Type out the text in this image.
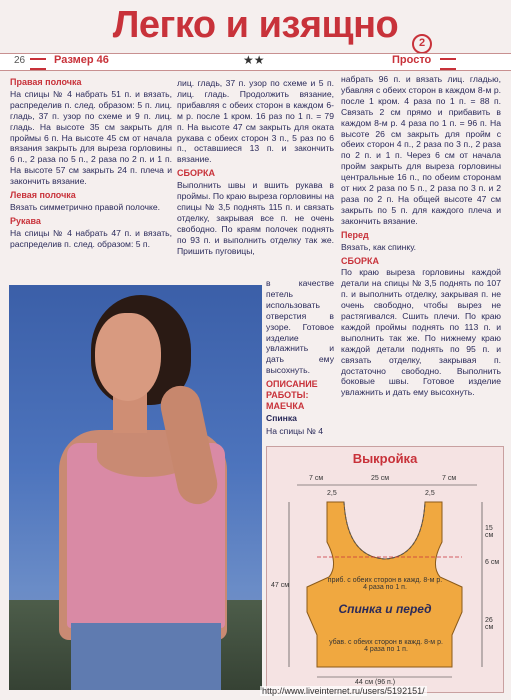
Легко и изящно	2
26	Размер 46	★★	Просто
Правая полочка

На спицы № 4 набрать 51 п. и вязать, распределив п. след. образом: 5 п. лиц. гладь, 37 п. узор по схеме и 9 п. лиц. гладь. На высоте 35 см закрыть для проймы 6 п. На высоте 45 см от начала вязания закрыть для выреза горловины 6 п., 2 раза по 5 п., 2 раза по 2 п. и 1 п. На высоте 57 см закрыть 24 п. плеча и закончить вязание.

Левая полочка

Вязать симметрично правой полочке.

Рукава

На спицы № 4 набрать 47 п. и вязать, распределив п. след. образом: 5 п.

лиц. гладь, 37 п. узор по схеме и 5 п. лиц. гладь. Продолжить вязание, прибавляя с обеих сторон в каждом 6-м р. после 1 кром. 16 раз по 1 п. = 79 п. На высоте 47 см закрыть для оката рукава с обеих сторон 3 п., 5 раз по 6 п., оставшиеся 13 п. и закончить вязание.

СБОРКА

Выполнить швы и вшить рукава в проймы. По краю выреза горловины на спицы № 3,5 поднять 115 п. и связать отделку, закрывая все п. не очень свободно. По краям полочек поднять по 93 п. и выполнить отделку так же. Пришить пуговицы,

в качестве петель использовать отверстия в узоре. Готовое изделие увлажнить и дать ему высохнуть.

ОПИСАНИЕ РАБОТЫ: МАЕЧКА

Спинка

На спицы № 4

набрать 96 п. и вязать лиц. гладью, убавляя с обеих сторон в каждом 8-м р. после 1 кром. 4 раза по 1 п. = 88 п. Связать 2 см прямо и прибавить в каждом 8-м р. 4 раза по 1 п. = 96 п. На высоте 26 см закрыть для пройм с обеих сторон 4 п., 2 раза по 3 п., 2 раза по 2 п. и 1 п. Через 6 см от начала пройм закрыть для выреза горловины центральные 16 п., по обеим сторонам от них 2 раза по 5 п., 2 раза по 3 п. и 2 раза по 2 п. На общей высоте 47 см закрыть по 5 п. для каждого плеча и закончить вязание.

Перед

Вязать, как спинку.

СБОРКА

По краю выреза горловины каждой детали на спицы № 3,5 поднять по 107 п. и выполнить отделку, закрывая п. не очень свободно, чтобы вырез не растягивался. Сшить плечи. По краю каждой проймы поднять по 113 п. и выполнить так же. По нижнему краю каждой детали поднять по 95 п. и связать отделку, закрывая п. достаточно свободно. Выполнить боковые швы. Готовое изделие увлажнить и дать ему высохнуть.

Выкройка
7 см
2,5
25 см
2,5
7 см
15 см
6 см
26 см
47 см
приб. с обеих сторон в кажд. 8-м р. 4 раза по 1 п.
Спинка и перед
убав. с обеих сторон в кажд. 8-м р. 4 раза по 1 п.
44 см (96 п.)
http://www.liveinternet.ru/users/5192151/
